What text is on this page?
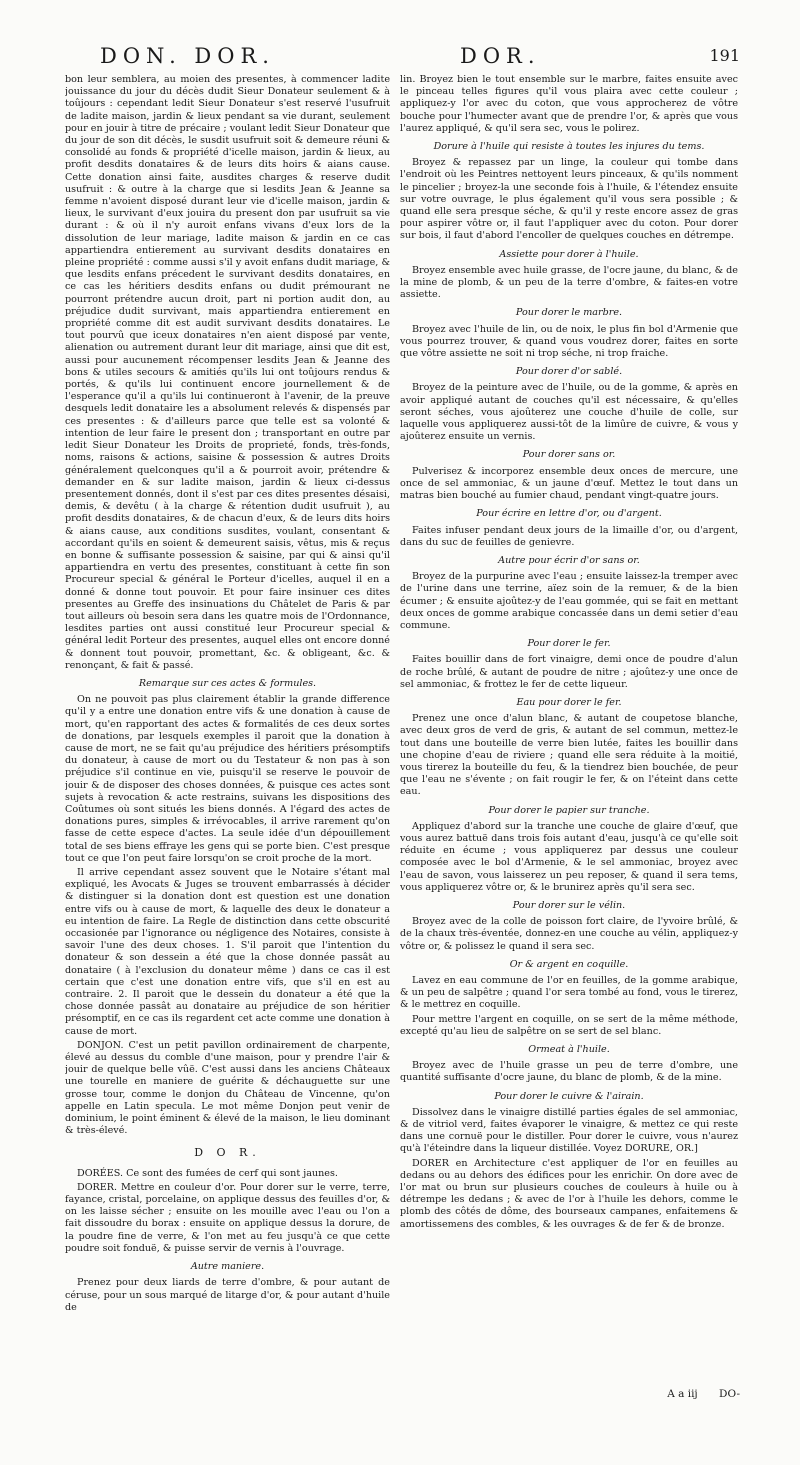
DON. DOR.	DOR.	191

bon leur semblera, au moien des presentes, à commencer ladite jouissance du jour du décès dudit Sieur Donateur seulement & à toûjours : cependant ledit Sieur Donateur s'est reservé l'usufruit de ladite maison, jardin & lieux pendant sa vie durant, seulement pour en jouir à titre de précaire ; voulant ledit Sieur Donateur que du jour de son dit décès, le susdit usufruit soit & demeure réuni & consolidé au fonds & propriété d'icelle maison, jardin & lieux, au profit desdits donataires & de leurs dits hoirs & aians cause. Cette donation ainsi faite, ausdites charges & reserve dudit usufruit : & outre à la charge que si lesdits Jean & Jeanne sa femme n'avoient disposé durant leur vie d'icelle maison, jardin & lieux, le survivant d'eux jouira du present don par usufruit sa vie durant : & où il n'y auroit enfans vivans d'eux lors de la dissolution de leur mariage, ladite maison & jardin en ce cas appartiendra entierement au survivant desdits donataires en pleine propriété : comme aussi s'il y avoit enfans dudit mariage, & que lesdits enfans précedent le survivant desdits donataires, en ce cas les héritiers desdits enfans ou dudit prémourant ne pourront prétendre aucun droit, part ni portion audit don, au préjudice dudit survivant, mais appartiendra entierement en propriété comme dit est audit survivant desdits donataires. Le tout pourvû que iceux donataires n'en aient disposé par vente, alienation ou autrement durant leur dit mariage, ainsi que dit est, aussi pour aucunement récompenser lesdits Jean & Jeanne des bons & utiles secours & amitiés qu'ils lui ont toûjours rendus & portés, & qu'ils lui continuent encore journellement & de l'esperance qu'il a qu'ils lui continueront à l'avenir, de la preuve desquels ledit donataire les a absolument relevés & dispensés par ces presentes : & d'ailleurs parce que telle est sa volonté & intention de leur faire le present don ; transportant en outre par ledit Sieur Donateur les Droits de proprieté, fonds, très-fonds, noms, raisons & actions, saisine & possession & autres Droits généralement quelconques qu'il a & pourroit avoir, prétendre & demander en & sur ladite maison, jardin & lieux ci-dessus presentement donnés, dont il s'est par ces dites presentes désaisi, demis, & devêtu ( à la charge & rétention dudit usufruit ), au profit desdits donataires, & de chacun d'eux, & de leurs dits hoirs & aians cause, aux conditions susdites, voulant, consentant & accordant qu'ils en soient & demeurent saisis, vêtus, mis & reçus en bonne & suffisante possession & saisine, par qui & ainsi qu'il appartiendra en vertu des presentes, constituant à cette fin son Procureur special & général le Porteur d'icelles, auquel il en a donné & donne tout pouvoir. Et pour faire insinuer ces dites presentes au Greffe des insinuations du Châtelet de Paris & par tout ailleurs où besoin sera dans les quatre mois de l'Ordonnance, lesdites parties ont aussi constitué leur Procureur special & général ledit Porteur des presentes, auquel elles ont encore donné & donnent tout pouvoir, promettant, &c. & obligeant, &c. & renonçant, & fait & passé.

Remarque sur ces actes & formules.

On ne pouvoit pas plus clairement établir la grande difference qu'il y a entre une donation entre vifs & une donation à cause de mort, qu'en rapportant des actes & formalités de ces deux sortes de donations, par lesquels exemples il paroit que la donation à cause de mort, ne se fait qu'au préjudice des héritiers présomptifs du donateur, à cause de mort ou du Testateur & non pas à son préjudice s'il continue en vie, puisqu'il se reserve le pouvoir de jouir & de disposer des choses données, & puisque ces actes sont sujets à revocation & acte restrains, suivans les dispositions des Coûtumes où sont situés les biens donnés. A l'égard des actes de donations pures, simples & irrévocables, il arrive rarement qu'on fasse de cette espece d'actes. La seule idée d'un dépouillement total de ses biens effraye les gens qui se porte bien. C'est presque tout ce que l'on peut faire lorsqu'on se croit proche de la mort.

Il arrive cependant assez souvent que le Notaire s'étant mal expliqué, les Avocats & Juges se trouvent embarrassés à décider & distinguer si la donation dont est question est une donation entre vifs ou à cause de mort, & laquelle des deux le donateur a eu intention de faire. La Regle de distinction dans cette obscurité occasionée par l'ignorance ou négligence des Notaires, consiste à savoir l'une des deux choses. 1. S'il paroit que l'intention du donateur & son dessein a été que la chose donnée passât au donataire ( à l'exclusion du donateur même ) dans ce cas il est certain que c'est une donation entre vifs, que s'il en est au contraire. 2. Il paroit que le dessein du donateur a été que la chose donnée passât au donataire au préjudice de son héritier présomptif, en ce cas ils regardent cet acte comme une donation à cause de mort.

DONJON. C'est un petit pavillon ordinairement de charpente, élevé au dessus du comble d'une maison, pour y prendre l'air & jouir de quelque belle vûë. C'est aussi dans les anciens Châteaux une tourelle en maniere de guérite & déchauguette sur une grosse tour, comme le donjon du Château de Vincenne, qu'on appelle en Latin specula. Le mot même Donjon peut venir de dominium, le point éminent & élevé de la maison, le lieu dominant & très-élevé.

D O R.

DORÉES. Ce sont des fumées de cerf qui sont jaunes.

DORER. Mettre en couleur d'or. Pour dorer sur le verre, terre, fayance, cristal, porcelaine, on applique dessus des feuilles d'or, & on les laisse sécher ; ensuite on les mouille avec l'eau ou l'on a fait dissoudre du borax : ensuite on applique dessus la dorure, de la poudre fine de verre, & l'on met au feu jusqu'à ce que cette poudre soit fonduë, & puisse servir de vernis à l'ouvrage.

Autre maniere.

Prenez pour deux liards de terre d'ombre, & pour autant de céruse, pour un sous marqué de litarge d'or, & pour autant d'huile de

lin. Broyez bien le tout ensemble sur le marbre, faites ensuite avec le pinceau telles figures qu'il vous plaira avec cette couleur ; appliquez-y l'or avec du coton, que vous approcherez de vôtre bouche pour l'humecter avant que de prendre l'or, & après que vous l'aurez appliqué, & qu'il sera sec, vous le polirez.

Dorure à l'huile qui resiste à toutes les injures du tems.

Broyez & repassez par un linge, la couleur qui tombe dans l'endroit où les Peintres nettoyent leurs pinceaux, & qu'ils nomment le pincelier ; broyez-la une seconde fois à l'huile, & l'étendez ensuite sur votre ouvrage, le plus également qu'il vous sera possible ; & quand elle sera presque séche, & qu'il y reste encore assez de gras pour aspirer vôtre or, il faut l'appliquer avec du coton. Pour dorer sur bois, il faut d'abord l'encoller de quelques couches en détrempe.

Assiette pour dorer à l'huile.

Broyez ensemble avec huile grasse, de l'ocre jaune, du blanc, & de la mine de plomb, & un peu de la terre d'ombre, & faites-en votre assiette.

Pour dorer le marbre.

Broyez avec l'huile de lin, ou de noix, le plus fin bol d'Armenie que vous pourrez trouver, & quand vous voudrez dorer, faites en sorte que vôtre assiette ne soit ni trop séche, ni trop fraiche.

Pour dorer d'or sablé.

Broyez de la peinture avec de l'huile, ou de la gomme, & après en avoir appliqué autant de couches qu'il est nécessaire, & qu'elles seront séches, vous ajoûterez une couche d'huile de colle, sur laquelle vous appliquerez aussi-tôt de la limûre de cuivre, & vous y ajoûterez ensuite un vernis.

Pour dorer sans or.

Pulverisez & incorporez ensemble deux onces de mercure, une once de sel ammoniac, & un jaune d'œuf. Mettez le tout dans un matras bien bouché au fumier chaud, pendant vingt-quatre jours.

Pour écrire en lettre d'or, ou d'argent.

Faites infuser pendant deux jours de la limaille d'or, ou d'argent, dans du suc de feuilles de genievre.

Autre pour écrir d'or sans or.

Broyez de la purpurine avec l'eau ; ensuite laissez-la tremper avec de l'urine dans une terrine, aïez soin de la remuer, & de la bien écumer ; & ensuite ajoûtez-y de l'eau gommée, qui se fait en mettant deux onces de gomme arabique concassée dans un demi setier d'eau commune.

Pour dorer le fer.

Faites bouillir dans de fort vinaigre, demi once de poudre d'alun de roche brûlé, & autant de poudre de nitre ; ajoûtez-y une once de sel ammoniac, & frottez le fer de cette liqueur.

Eau pour dorer le fer.

Prenez une once d'alun blanc, & autant de coupetose blanche, avec deux gros de verd de gris, & autant de sel commun, mettez-le tout dans une bouteille de verre bien lutée, faites les bouillir dans une chopine d'eau de riviere ; quand elle sera réduite à la moitié, vous tirerez la bouteille du feu, & la tiendrez bien bouchée, de peur que l'eau ne s'évente ; on fait rougir le fer, & on l'éteint dans cette eau.

Pour dorer le papier sur tranche.

Appliquez d'abord sur la tranche une couche de glaire d'œuf, que vous aurez battuë dans trois fois autant d'eau, jusqu'à ce qu'elle soit réduite en écume ; vous appliquerez par dessus une couleur composée avec le bol d'Armenie, & le sel ammoniac, broyez avec l'eau de savon, vous laisserez un peu reposer, & quand il sera tems, vous appliquerez vôtre or, & le brunirez après qu'il sera sec.

Pour dorer sur le vélin.

Broyez avec de la colle de poisson fort claire, de l'yvoire brûlé, & de la chaux très-éventée, donnez-en une couche au vélin, appliquez-y vôtre or, & polissez le quand il sera sec.

Or & argent en coquille.

Lavez en eau commune de l'or en feuilles, de la gomme arabique, & un peu de salpêtre ; quand l'or sera tombé au fond, vous le tirerez, & le mettrez en coquille.

Pour mettre l'argent en coquille, on se sert de la même méthode, excepté qu'au lieu de salpêtre on se sert de sel blanc.

Ormeat à l'huile.

Broyez avec de l'huile grasse un peu de terre d'ombre, une quantité suffisante d'ocre jaune, du blanc de plomb, & de la mine.

Pour dorer le cuivre & l'airain.

Dissolvez dans le vinaigre distillé parties égales de sel ammoniac, & de vitriol verd, faites évaporer le vinaigre, & mettez ce qui reste dans une cornuë pour le distiller. Pour dorer le cuivre, vous n'aurez qu'à l'éteindre dans la liqueur distillée. Voyez DORURE, OR.]

DORER en Architecture c'est appliquer de l'or en feuilles au dedans ou au dehors des édifices pour les enrichir. On dore avec de l'or mat ou brun sur plusieurs couches de couleurs à huile ou à détrempe les dedans ; & avec de l'or à l'huile les dehors, comme le plomb des côtés de dôme, des bourseaux campanes, enfaitemens & amortissemens des combles, & les ouvrages & de fer & de bronze.

A a iij DO-
